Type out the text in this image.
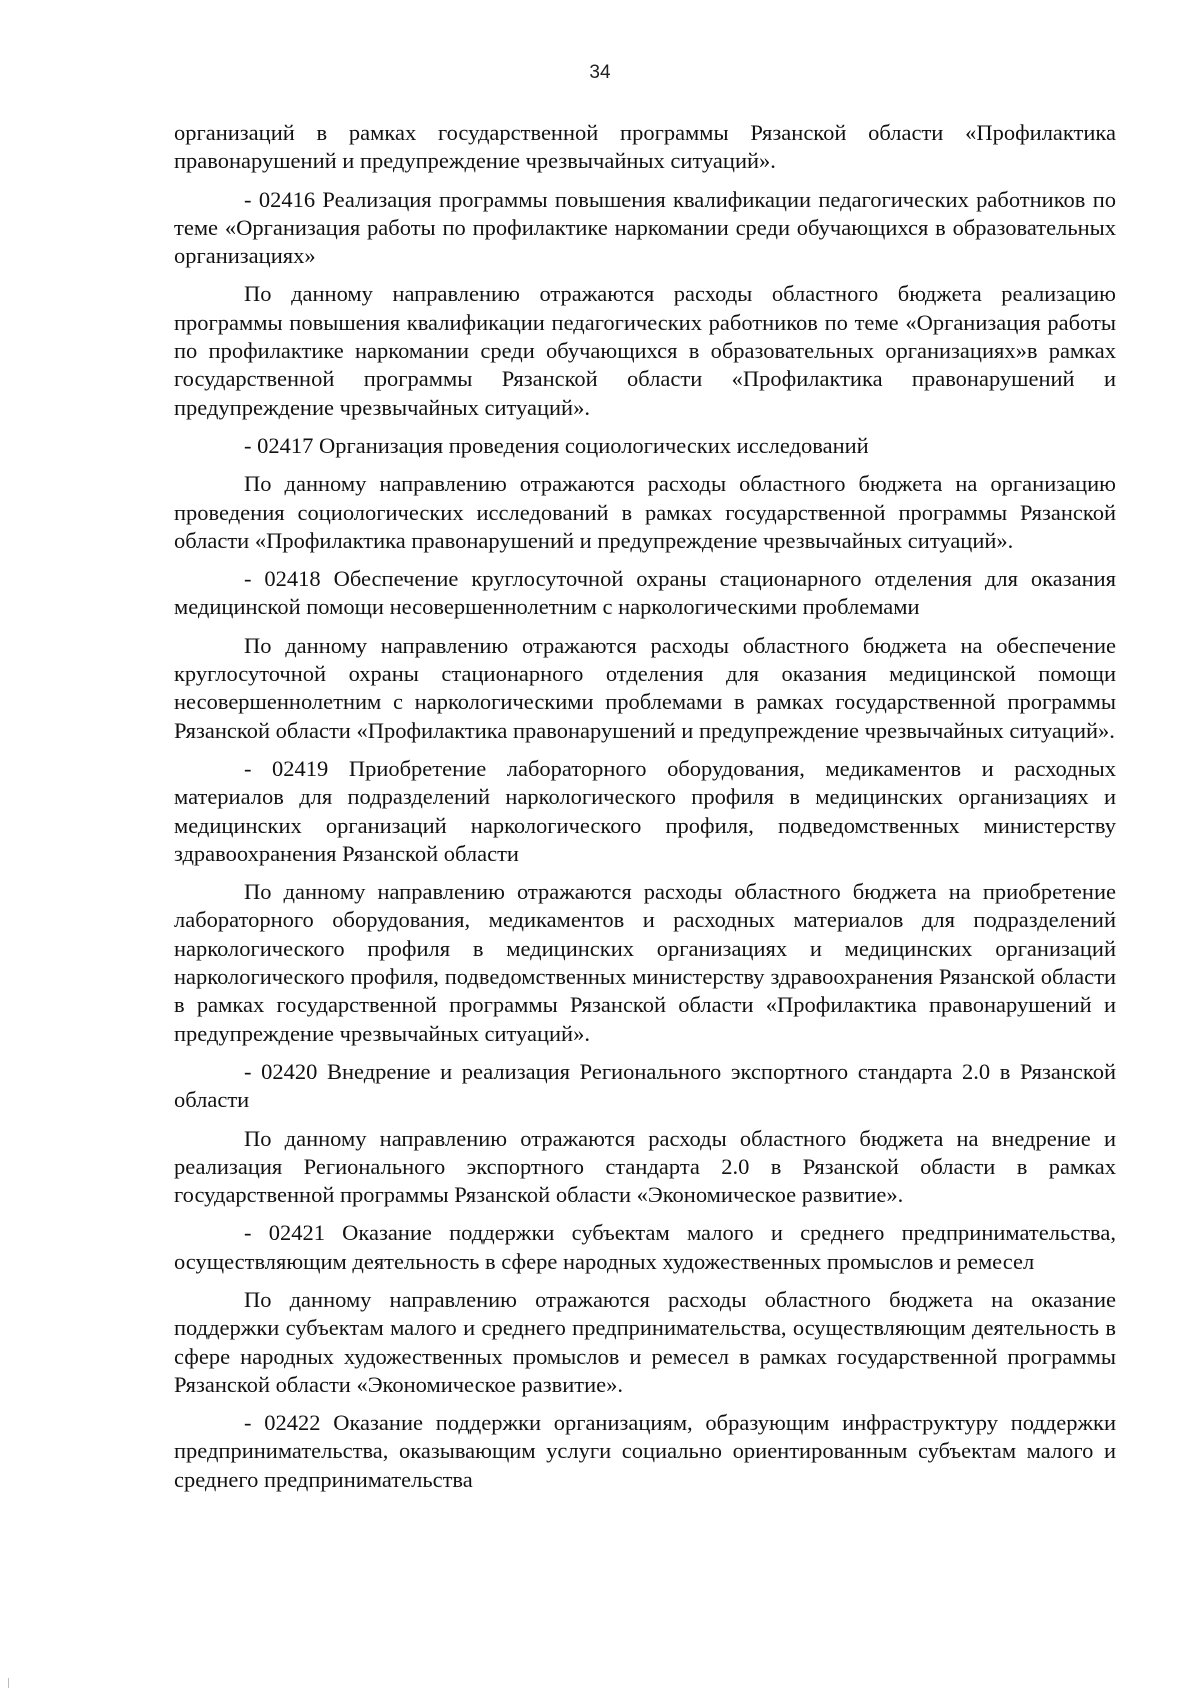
34

организаций в рамках государственной программы Рязанской области «Профилактика правонарушений и предупреждение чрезвычайных ситуаций».

- 02416 Реализация программы повышения квалификации педагогических работников по теме «Организация работы по профилактике наркомании среди обучающихся в образовательных организациях»

По данному направлению отражаются расходы областного бюджета реализацию программы повышения квалификации педагогических работников по теме «Организация работы по профилактике наркомании среди обучающихся в образовательных организациях»в рамках государственной программы Рязанской области «Профилактика правонарушений и предупреждение чрезвычайных ситуаций».

- 02417 Организация проведения социологических исследований

По данному направлению отражаются расходы областного бюджета на организацию проведения социологических исследований в рамках государственной программы Рязанской области «Профилактика правонарушений и предупреждение чрезвычайных ситуаций».

- 02418 Обеспечение круглосуточной охраны стационарного отделения для оказания медицинской помощи несовершеннолетним с наркологическими проблемами

По данному направлению отражаются расходы областного бюджета на обеспечение круглосуточной охраны стационарного отделения для оказания медицинской помощи несовершеннолетним с наркологическими проблемами в рамках государственной программы Рязанской области «Профилактика правонарушений и предупреждение чрезвычайных ситуаций».

- 02419 Приобретение лабораторного оборудования, медикаментов и расходных материалов для подразделений наркологического профиля в медицинских организациях и медицинских организаций наркологического профиля, подведомственных министерству здравоохранения Рязанской области

По данному направлению отражаются расходы областного бюджета на приобретение лабораторного оборудования, медикаментов и расходных материалов для подразделений наркологического профиля в медицинских организациях и медицинских организаций наркологического профиля, подведомственных министерству здравоохранения Рязанской области в рамках государственной программы Рязанской области «Профилактика правонарушений и предупреждение чрезвычайных ситуаций».

- 02420 Внедрение и реализация Регионального экспортного стандарта 2.0 в Рязанской области

По данному направлению отражаются расходы областного бюджета на внедрение и реализация Регионального экспортного стандарта 2.0 в Рязанской области в рамках государственной программы Рязанской области «Экономическое развитие».

- 02421 Оказание поддержки субъектам малого и среднего предпринимательства, осуществляющим деятельность в сфере народных художественных промыслов и ремесел

По данному направлению отражаются расходы областного бюджета на оказание поддержки субъектам малого и среднего предпринимательства, осуществляющим деятельность в сфере народных художественных промыслов и ремесел в рамках государственной программы Рязанской области «Экономическое развитие».

- 02422 Оказание поддержки организациям, образующим инфраструктуру поддержки предпринимательства, оказывающим услуги социально ориентированным субъектам малого и среднего предпринимательства
